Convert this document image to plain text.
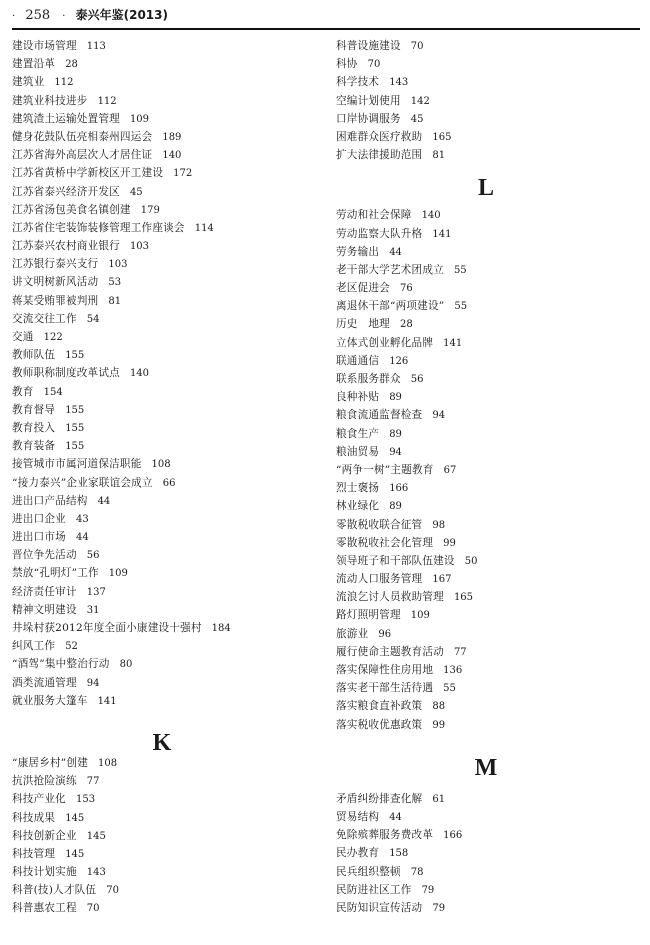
· 258 · 泰兴年鉴(2013)
建设市场管理 113
建置沿革 28
建筑业 112
建筑业科技进步 112
建筑渣土运输处置管理 109
健身花鼓队伍亮相泰州四运会 189
江苏省海外高层次人才居住证 140
江苏省黄桥中学新校区开工建设 172
江苏省泰兴经济开发区 45
江苏省汤包美食名镇创建 179
江苏省住宅装饰装修管理工作座谈会 114
江苏泰兴农村商业银行 103
江苏银行泰兴支行 103
讲文明树新风活动 53
蒋某受贿罪被判刑 81
交流交往工作 54
交通 122
教师队伍 155
教师职称制度改革试点 140
教育 154
教育督导 155
教育投入 155
教育装备 155
接管城市市属河道保洁职能 108
“接力泰兴”企业家联谊会成立 66
进出口产品结构 44
进出口企业 43
进出口市场 44
晋位争先活动 56
禁放“孔明灯”工作 109
经济责任审计 137
精神文明建设 31
井垛村获2012年度全面小康建设十强村 184
纠风工作 52
“酒驾”集中整治行动 80
酒类流通管理 94
就业服务大篷车 141
K
“康居乡村”创建 108
抗洪抢险演练 77
科技产业化 153
科技成果 145
科技创新企业 145
科技管理 145
科技计划实施 143
科普(技)人才队伍 70
科普惠农工程 70
科普设施建设 70
科协 70
科学技术 143
空编计划使用 142
口岸协调服务 45
困难群众医疗救助 165
扩大法律援助范围 81
L
劳动和社会保障 140
劳动监察大队升格 141
劳务输出 44
老干部大学艺术团成立 55
老区促进会 76
离退休干部“两项建设” 55
历史　地理 28
立体式创业孵化品牌 141
联通通信 126
联系服务群众 56
良种补贴 89
粮食流通监督检查 94
粮食生产 89
粮油贸易 94
“两争一树”主题教育 67
烈士褒扬 166
林业绿化 89
零散税收联合征管 98
零散税收社会化管理 99
领导班子和干部队伍建设 50
流动人口服务管理 167
流浪乞讨人员救助管理 165
路灯照明管理 109
旅游业 96
履行使命主题教育活动 77
落实保障性住房用地 136
落实老干部生活待遇 55
落实粮食直补政策 88
落实税收优惠政策 99
M
矛盾纠纷排查化解 61
贸易结构 44
免除殡葬服务费改革 166
民办教育 158
民兵组织整顿 78
民防进社区工作 79
民防知识宣传活动 79
